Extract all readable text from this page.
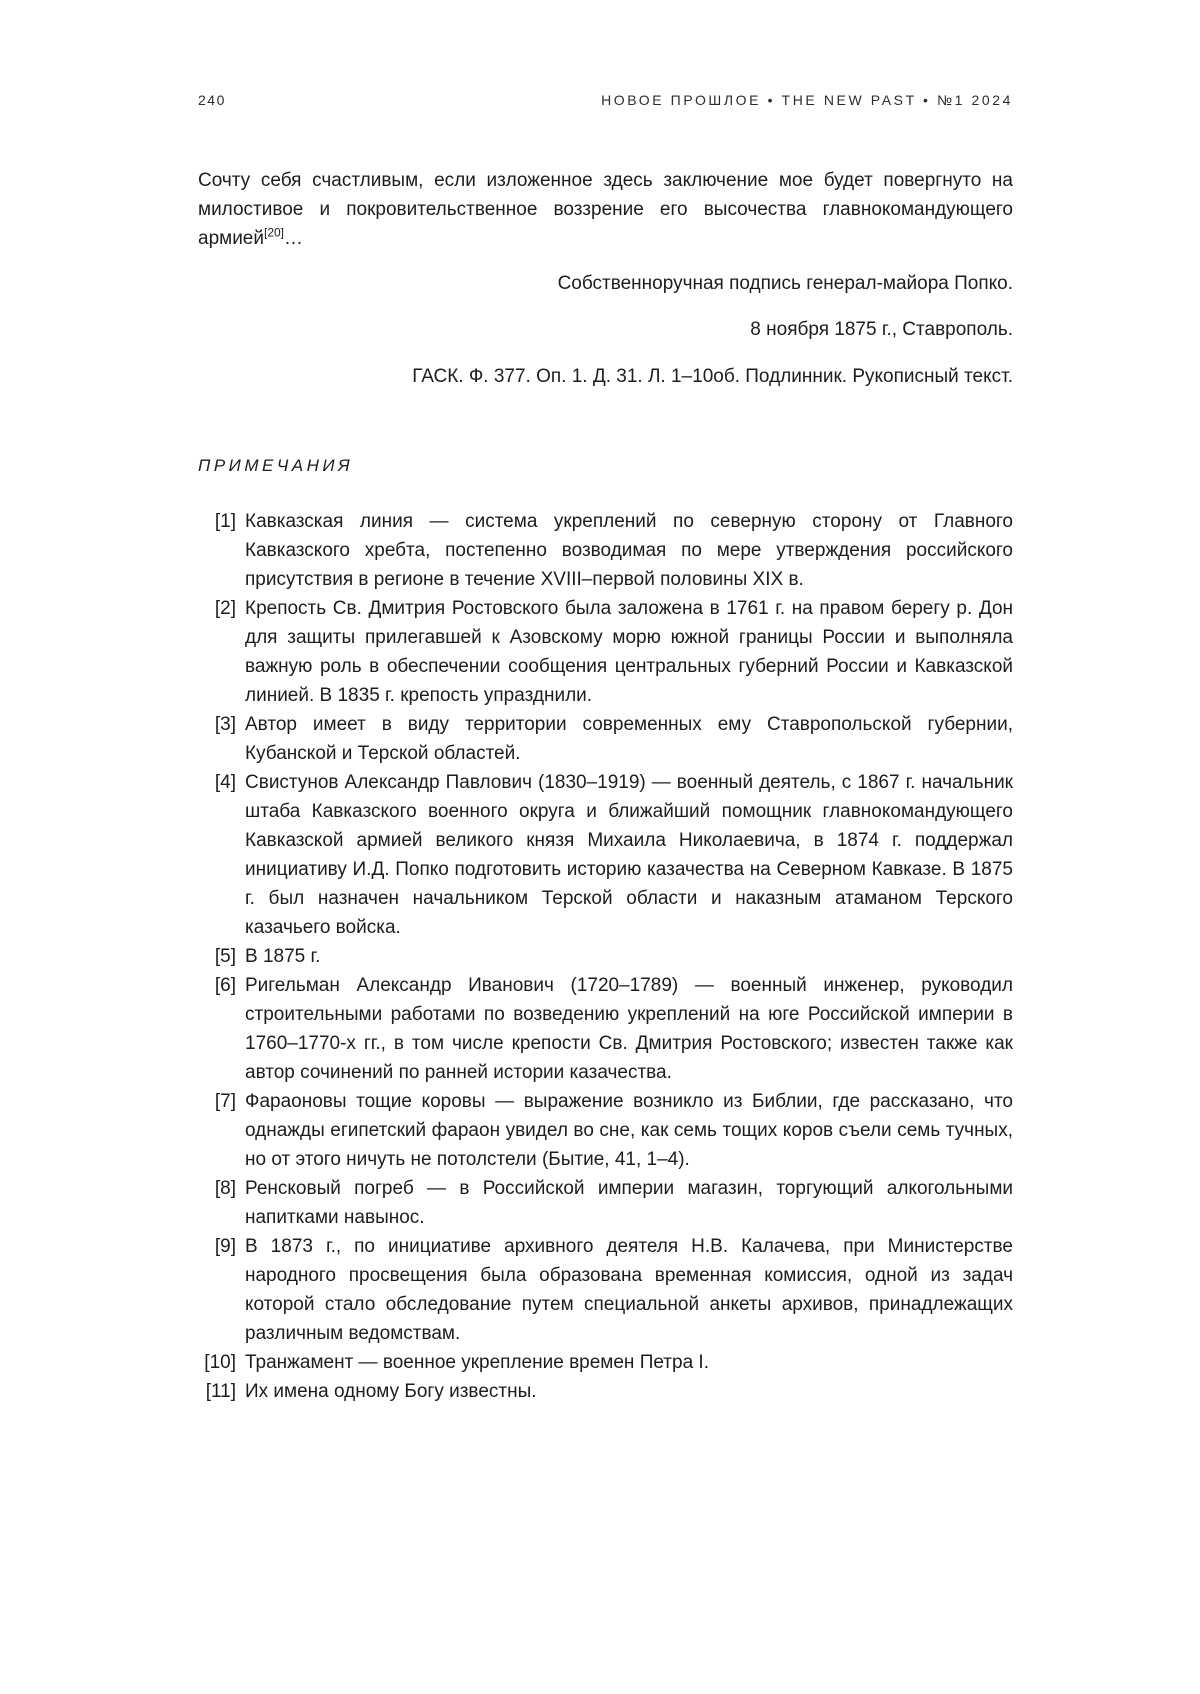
240	НОВОЕ ПРОШЛОЕ • THE NEW PAST • №1 2024

Сочту себя счастливым, если изложенное здесь заключение мое будет повергнуто на милостивое и покровительственное воззрение его высочества главнокомандующего армией[20]…

Собственноручная подпись генерал-майора Попко.

8 ноября 1875 г., Ставрополь.

ГАСК. Ф. 377. Оп. 1. Д. 31. Л. 1–10об. Подлинник. Рукописный текст.

ПРИМЕЧАНИЯ
[1] Кавказская линия — система укреплений по северную сторону от Главного Кавказского хребта, постепенно возводимая по мере утверждения российского присутствия в регионе в течение XVIII–первой половины XIX в.
[2] Крепость Св. Дмитрия Ростовского была заложена в 1761 г. на правом берегу р. Дон для защиты прилегавшей к Азовскому морю южной границы России и выполняла важную роль в обеспечении сообщения центральных губерний России и Кавказской линией. В 1835 г. крепость упразднили.
[3] Автор имеет в виду территории современных ему Ставропольской губернии, Кубанской и Терской областей.
[4] Свистунов Александр Павлович (1830–1919) — военный деятель, с 1867 г. начальник штаба Кавказского военного округа и ближайший помощник главнокомандующего Кавказской армией великого князя Михаила Николаевича, в 1874 г. поддержал инициативу И.Д. Попко подготовить историю казачества на Северном Кавказе. В 1875 г. был назначен начальником Терской области и наказным атаманом Терского казачьего войска.
[5] В 1875 г.
[6] Ригельман Александр Иванович (1720–1789) — военный инженер, руководил строительными работами по возведению укреплений на юге Российской империи в 1760–1770-х гг., в том числе крепости Св. Дмитрия Ростовского; известен также как автор сочинений по ранней истории казачества.
[7] Фараоновы тощие коровы — выражение возникло из Библии, где рассказано, что однажды египетский фараон увидел во сне, как семь тощих коров съели семь тучных, но от этого ничуть не потолстели (Бытие, 41, 1–4).
[8] Ренсковый погреб — в Российской империи магазин, торгующий алкогольными напитками навынос.
[9] В 1873 г., по инициативе архивного деятеля Н.В. Калачева, при Министерстве народного просвещения была образована временная комиссия, одной из задач которой стало обследование путем специальной анкеты архивов, принадлежащих различным ведомствам.
[10] Транжамент — военное укрепление времен Петра I.
[11] Их имена одному Богу известны.
